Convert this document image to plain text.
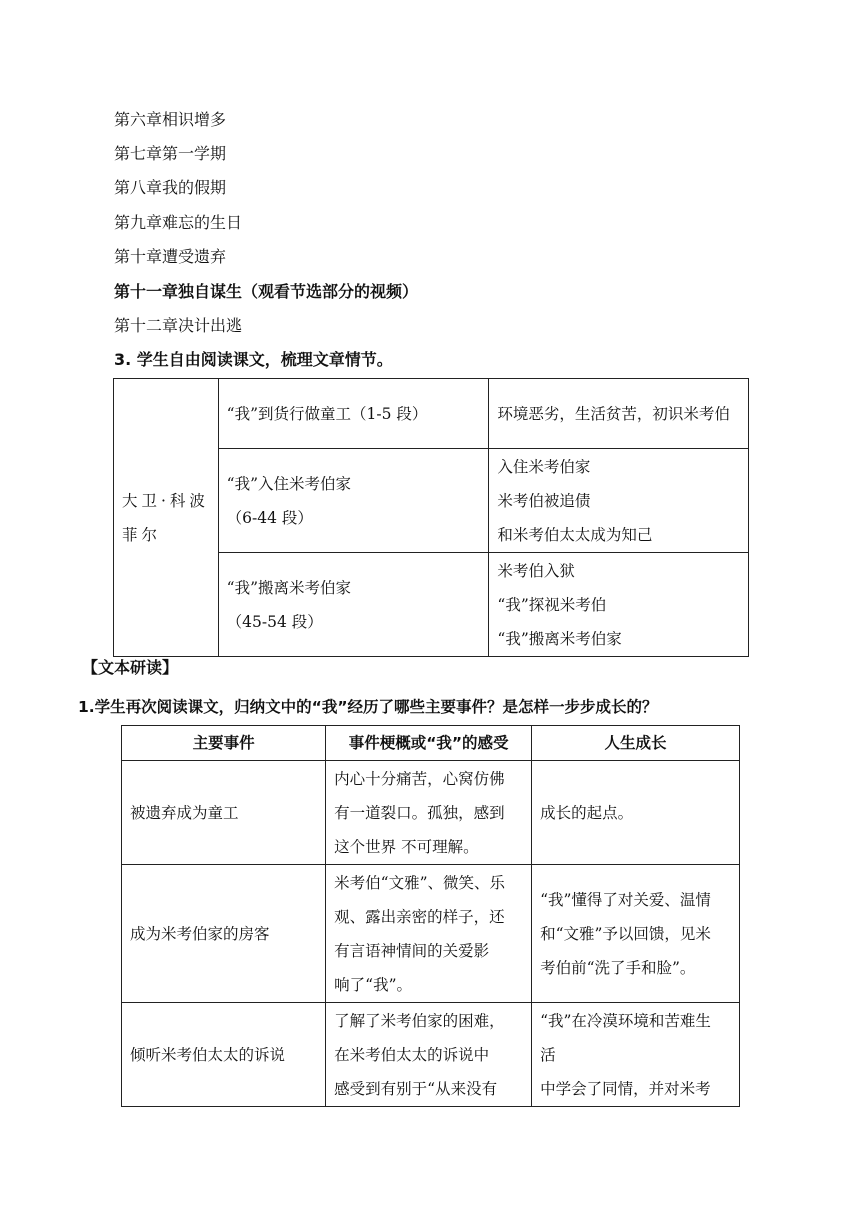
第六章相识增多
第七章第一学期
第八章我的假期
第九章难忘的生日
第十章遭受遗弃
第十一章独自谋生（观看节选部分的视频）
第十二章决计出逃
3. 学生自由阅读课文，梳理文章情节。
大卫·科波菲尔	“我”到货行做童工（1-5 段）	环境恶劣，生活贫苦，初识米考伯

	“我”入住米考伯家
（6-44 段）	入住米考伯家
米考伯被追债
和米考伯太太成为知己

	“我”搬离米考伯家
（45-54 段）	米考伯入狱
“我”探视米考伯
“我”搬离米考伯家
【文本研读】
1.学生再次阅读课文，归纳文中的“我”经历了哪些主要事件？是怎样一步步成长的？
主要事件	事件梗概或“我”的感受	人生成长
被遗弃成为童工	内心十分痛苦，心窝仿佛
有一道裂口。孤独，感到
这个世界 不可理解。	成长的起点。

成为米考伯家的房客	米考伯“文雅”、微笑、乐
观、露出亲密的样子，还
有言语神情间的关爱影
响了“我”。	“我”懂得了对关爱、温情
和“文雅”予以回馈，见米
考伯前“洗了手和脸”。

倾听米考伯太太的诉说	了解了米考伯家的困难，
在米考伯太太的诉说中
感受到有别于“从来没有	“我”在冷漠环境和苦难生
活
中学会了同情，并对米考
